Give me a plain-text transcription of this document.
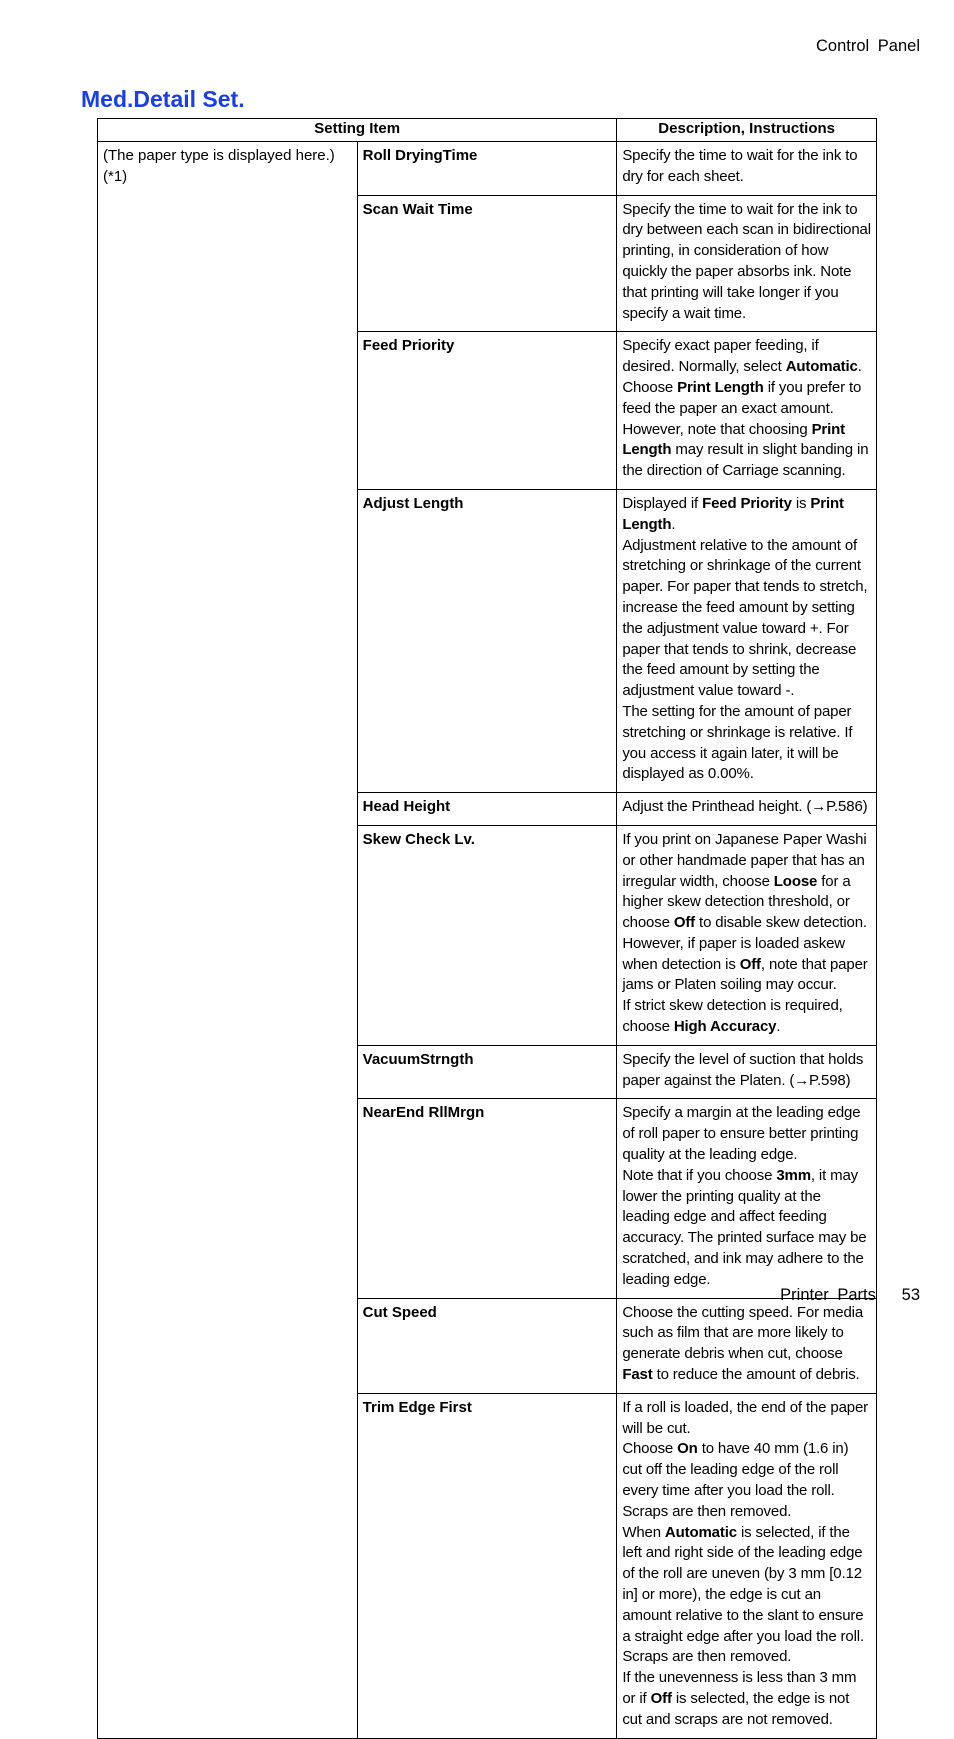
Control Panel
Med.Detail Set.
Setting Item		Description, Instructions
(The paper type is displayed here.) (*1)	Roll DryingTime	Specify the time to wait for the ink to dry for each sheet.
	Scan Wait Time	Specify the time to wait for the ink to dry between each scan in bidirectional printing, in consideration of how quickly the paper absorbs ink. Note that printing will take longer if you specify a wait time.
	Feed Priority	Specify exact paper feeding, if desired. Normally, select Automatic. Choose Print Length if you prefer to feed the paper an exact amount. However, note that choosing Print Length may result in slight banding in the direction of Carriage scanning.
	Adjust Length	Displayed if Feed Priority is Print Length.
Adjustment relative to the amount of stretching or shrinkage of the current paper. For paper that tends to stretch, increase the feed amount by setting the adjustment value toward +. For paper that tends to shrink, decrease the feed amount by setting the adjustment value toward -.
The setting for the amount of paper stretching or shrinkage is relative. If you access it again later, it will be displayed as 0.00%.
	Head Height	Adjust the Printhead height. (→P.586)
	Skew Check Lv.	If you print on Japanese Paper Washi or other handmade paper that has an irregular width, choose Loose for a higher skew detection threshold, or choose Off to disable skew detection. However, if paper is loaded askew when detection is Off, note that paper jams or Platen soiling may occur.
If strict skew detection is required, choose High Accuracy.
	VacuumStrngth	Specify the level of suction that holds paper against the Platen. (→P.598)
	NearEnd RllMrgn	Specify a margin at the leading edge of roll paper to ensure better printing quality at the leading edge.
Note that if you choose 3mm, it may lower the printing quality at the leading edge and affect feeding accuracy. The printed surface may be scratched, and ink may adhere to the leading edge.
	Cut Speed	Choose the cutting speed. For media such as film that are more likely to generate debris when cut, choose Fast to reduce the amount of debris.
	Trim Edge First	If a roll is loaded, the end of the paper will be cut.
Choose On to have 40 mm (1.6 in) cut off the leading edge of the roll every time after you load the roll. Scraps are then removed.
When Automatic is selected, if the left and right side of the leading edge of the roll are uneven (by 3 mm [0.12 in] or more), the edge is cut an amount relative to the slant to ensure a straight edge after you load the roll. Scraps are then removed.
If the unevenness is less than 3 mm or if Off is selected, the edge is not cut and scraps are not removed.
Printer Parts 53
